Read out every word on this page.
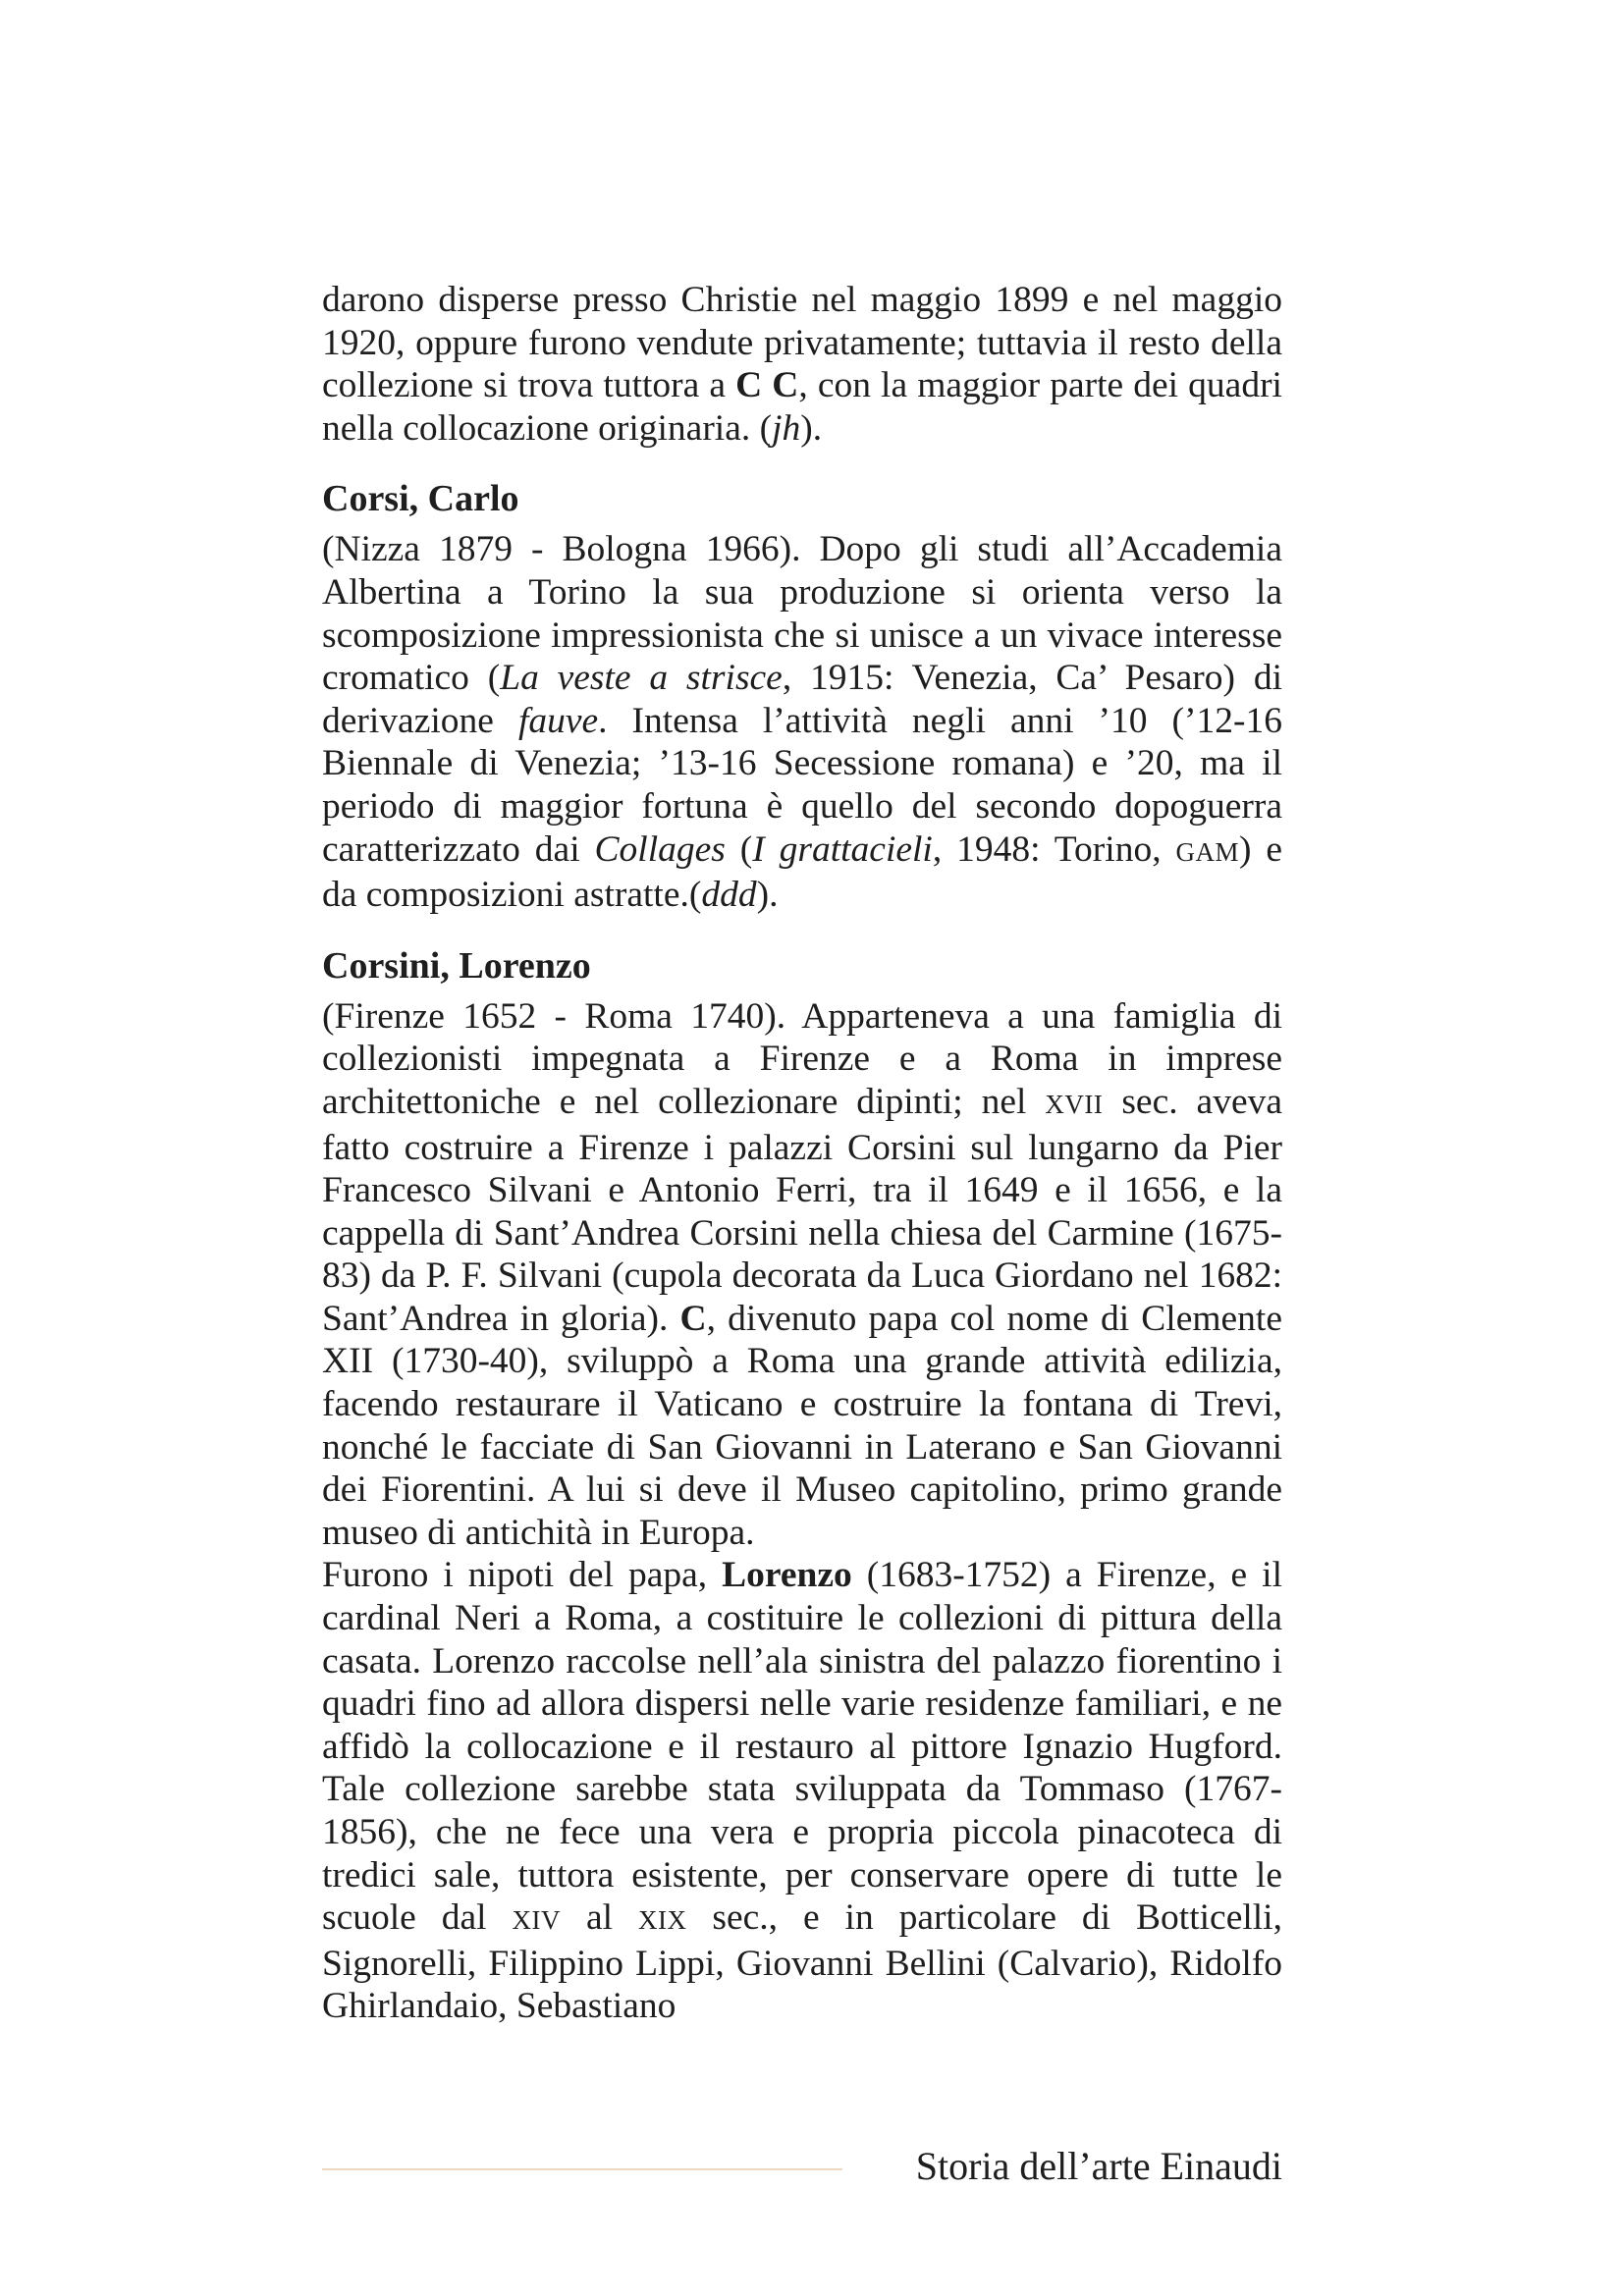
darono disperse presso Christie nel maggio 1899 e nel maggio 1920, oppure furono vendute privatamente; tuttavia il resto della collezione si trova tuttora a C C, con la maggior parte dei quadri nella collocazione originaria. (jh).

Corsi, Carlo

(Nizza 1879 - Bologna 1966). Dopo gli studi all’Accademia Albertina a Torino la sua produzione si orienta verso la scomposizione impressionista che si unisce a un vivace interesse cromatico (La veste a strisce, 1915: Venezia, Ca’ Pesaro) di derivazione fauve. Intensa l’attività negli anni ’10 (’12-16 Biennale di Venezia; ’13-16 Secessione romana) e ’20, ma il periodo di maggior fortuna è quello del secondo dopoguerra caratterizzato dai Collages (I grattacieli, 1948: Torino, GAM) e da composizioni astratte.(ddd).

Corsini, Lorenzo

(Firenze 1652 - Roma 1740). Apparteneva a una famiglia di collezionisti impegnata a Firenze e a Roma in imprese architettoniche e nel collezionare dipinti; nel XVII sec. aveva fatto costruire a Firenze i palazzi Corsini sul lungarno da Pier Francesco Silvani e Antonio Ferri, tra il 1649 e il 1656, e la cappella di Sant’Andrea Corsini nella chiesa del Carmine (1675-83) da P. F. Silvani (cupola decorata da Luca Giordano nel 1682: Sant’Andrea in gloria). C, divenuto papa col nome di Clemente XII (1730-40), sviluppò a Roma una grande attività edilizia, facendo restaurare il Vaticano e costruire la fontana di Trevi, nonché le facciate di San Giovanni in Laterano e San Giovanni dei Fiorentini. A lui si deve il Museo capitolino, primo grande museo di antichità in Europa.

Furono i nipoti del papa, Lorenzo (1683-1752) a Firenze, e il cardinal Neri a Roma, a costituire le collezioni di pittura della casata. Lorenzo raccolse nell’ala sinistra del palazzo fiorentino i quadri fino ad allora dispersi nelle varie residenze familiari, e ne affidò la collocazione e il restauro al pittore Ignazio Hugford. Tale collezione sarebbe stata sviluppata da Tommaso (1767-1856), che ne fece una vera e propria piccola pinacoteca di tredici sale, tuttora esistente, per conservare opere di tutte le scuole dal XIV al XIX sec., e in particolare di Botticelli, Signorelli, Filippino Lippi, Giovanni Bellini (Calvario), Ridolfo Ghirlandaio, Sebastiano

Storia dell’arte Einaudi
